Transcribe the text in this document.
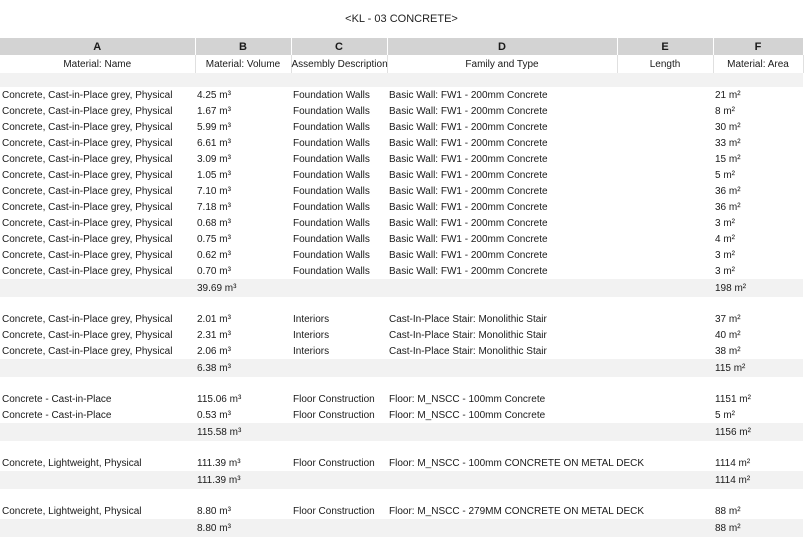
<KL - 03 CONCRETE>
A	B	C	D	E	F
Material: Name	Material: Volume	Assembly Description	Family and Type	Length	Material: Area

Concrete, Cast-in-Place grey, Physical	4.25 m³	Foundation Walls	Basic Wall: FW1 - 200mm Concrete		21 m²
Concrete, Cast-in-Place grey, Physical	1.67 m³	Foundation Walls	Basic Wall: FW1 - 200mm Concrete		8 m²
Concrete, Cast-in-Place grey, Physical	5.99 m³	Foundation Walls	Basic Wall: FW1 - 200mm Concrete		30 m²
Concrete, Cast-in-Place grey, Physical	6.61 m³	Foundation Walls	Basic Wall: FW1 - 200mm Concrete		33 m²
Concrete, Cast-in-Place grey, Physical	3.09 m³	Foundation Walls	Basic Wall: FW1 - 200mm Concrete		15 m²
Concrete, Cast-in-Place grey, Physical	1.05 m³	Foundation Walls	Basic Wall: FW1 - 200mm Concrete		5 m²
Concrete, Cast-in-Place grey, Physical	7.10 m³	Foundation Walls	Basic Wall: FW1 - 200mm Concrete		36 m²
Concrete, Cast-in-Place grey, Physical	7.18 m³	Foundation Walls	Basic Wall: FW1 - 200mm Concrete		36 m²
Concrete, Cast-in-Place grey, Physical	0.68 m³	Foundation Walls	Basic Wall: FW1 - 200mm Concrete		3 m²
Concrete, Cast-in-Place grey, Physical	0.75 m³	Foundation Walls	Basic Wall: FW1 - 200mm Concrete		4 m²
Concrete, Cast-in-Place grey, Physical	0.62 m³	Foundation Walls	Basic Wall: FW1 - 200mm Concrete		3 m²
Concrete, Cast-in-Place grey, Physical	0.70 m³	Foundation Walls	Basic Wall: FW1 - 200mm Concrete		3 m²
	39.69 m³				198 m²

Concrete, Cast-in-Place grey, Physical	2.01 m³	Interiors	Cast-In-Place Stair: Monolithic Stair		37 m²
Concrete, Cast-in-Place grey, Physical	2.31 m³	Interiors	Cast-In-Place Stair: Monolithic Stair		40 m²
Concrete, Cast-in-Place grey, Physical	2.06 m³	Interiors	Cast-In-Place Stair: Monolithic Stair		38 m²
	6.38 m³				115 m²

Concrete - Cast-in-Place	115.06 m³	Floor Construction	Floor: M_NSCC - 100mm Concrete		1151 m²
Concrete - Cast-in-Place	0.53 m³	Floor Construction	Floor: M_NSCC - 100mm Concrete		5 m²
	115.58 m³				1156 m²

Concrete, Lightweight, Physical	111.39 m³	Floor Construction	Floor: M_NSCC - 100mm CONCRETE ON METAL DECK		1114 m²
	111.39 m³				1114 m²

Concrete, Lightweight, Physical	8.80 m³	Floor Construction	Floor: M_NSCC - 279MM CONCRETE ON METAL DECK		88 m²
	8.80 m³				88 m²
